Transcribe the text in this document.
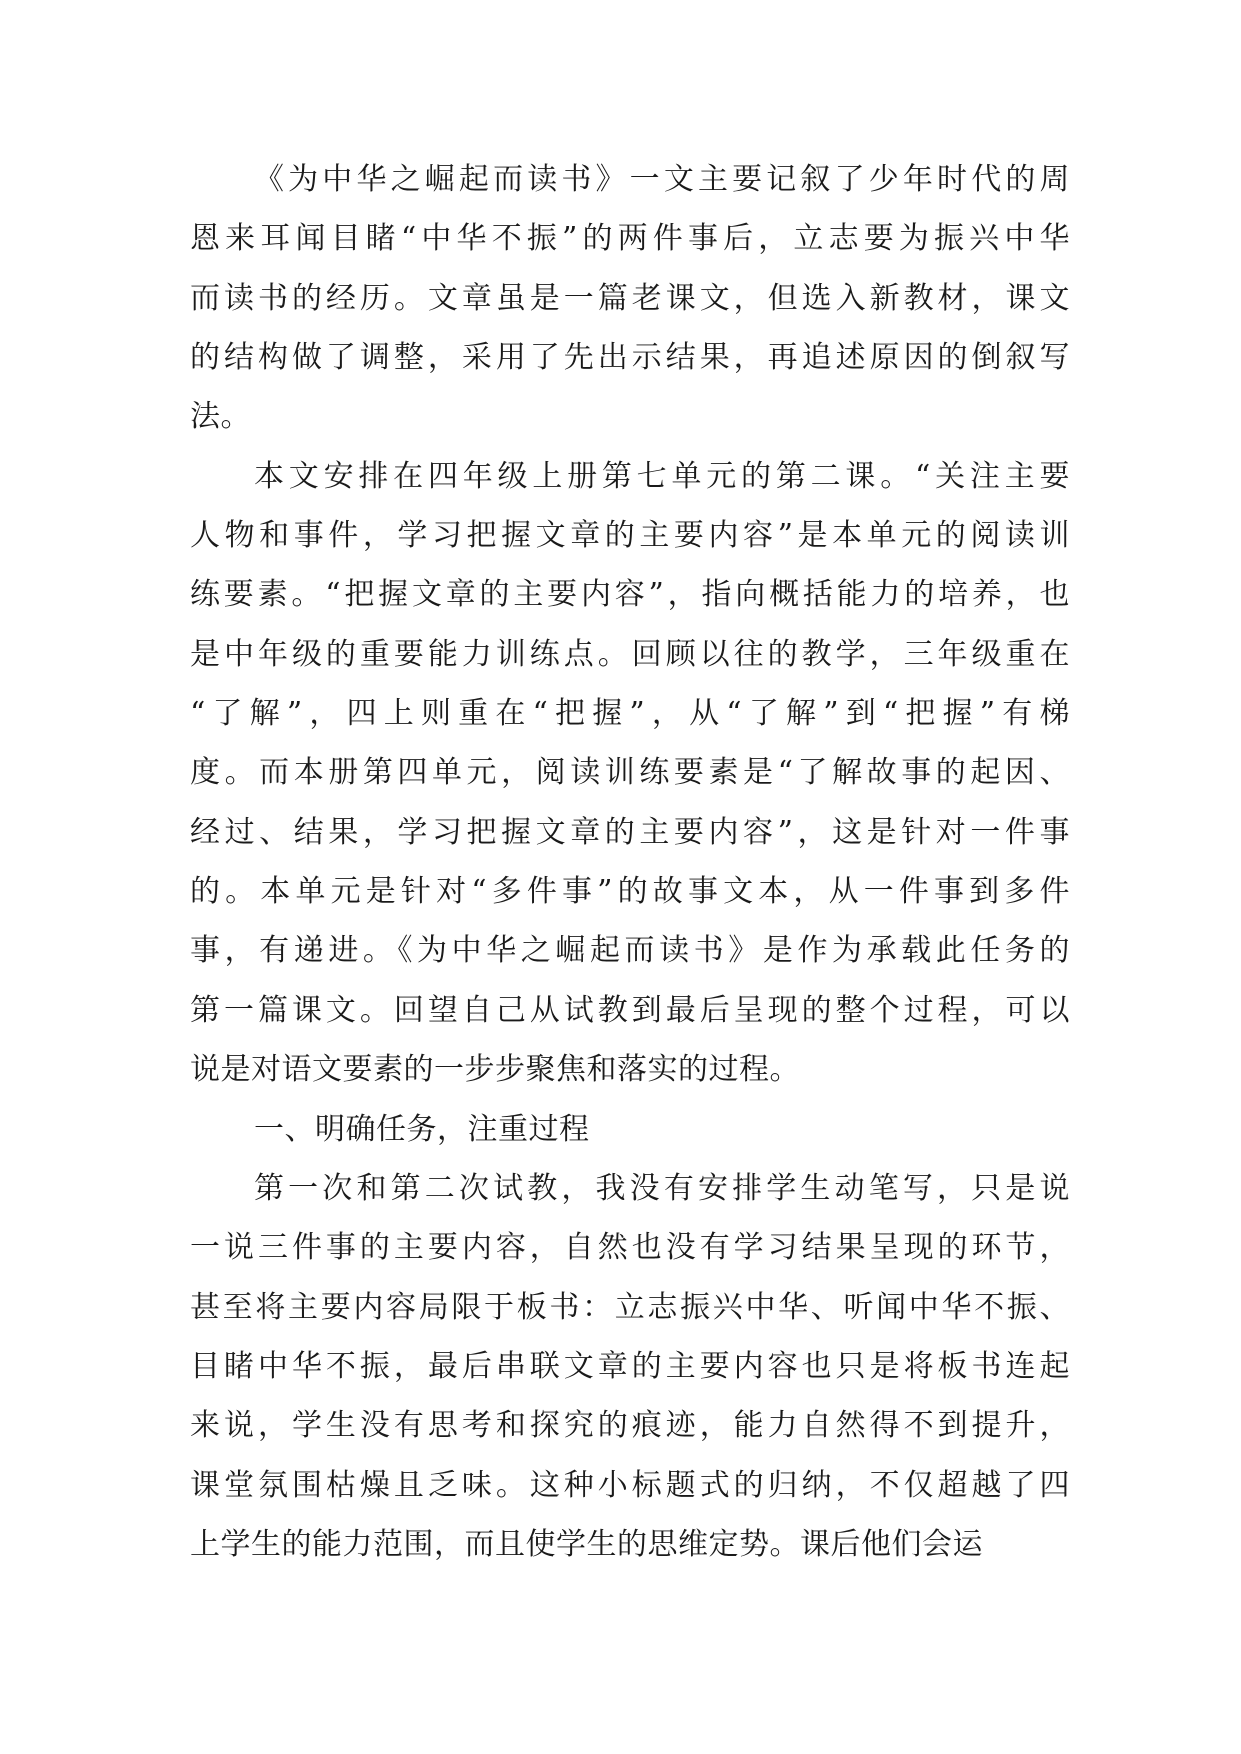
《为中华之崛起而读书》一文主要记叙了少年时代的周
恩来耳闻目睹“中华不振”的两件事后，立志要为振兴中华
而读书的经历。文章虽是一篇老课文，但选入新教材，课文
的结构做了调整，采用了先出示结果，再追述原因的倒叙写
法。
本文安排在四年级上册第七单元的第二课。“关注主要
人物和事件，学习把握文章的主要内容”是本单元的阅读训
练要素。“把握文章的主要内容”，指向概括能力的培养，也
是中年级的重要能力训练点。回顾以往的教学，三年级重在
“了解”，四上则重在“把握”，从“了解”到“把握”有梯
度。而本册第四单元，阅读训练要素是“了解故事的起因、
经过、结果，学习把握文章的主要内容”，这是针对一件事
的。本单元是针对“多件事”的故事文本，从一件事到多件
事，有递进。《为中华之崛起而读书》是作为承载此任务的
第一篇课文。回望自己从试教到最后呈现的整个过程，可以
说是对语文要素的一步步聚焦和落实的过程。
一、明确任务，注重过程
第一次和第二次试教，我没有安排学生动笔写，只是说
一说三件事的主要内容，自然也没有学习结果呈现的环节，
甚至将主要内容局限于板书：立志振兴中华、听闻中华不振、
目睹中华不振，最后串联文章的主要内容也只是将板书连起
来说，学生没有思考和探究的痕迹，能力自然得不到提升，
课堂氛围枯燥且乏味。这种小标题式的归纳，不仅超越了四
上学生的能力范围，而且使学生的思维定势。课后他们会运
